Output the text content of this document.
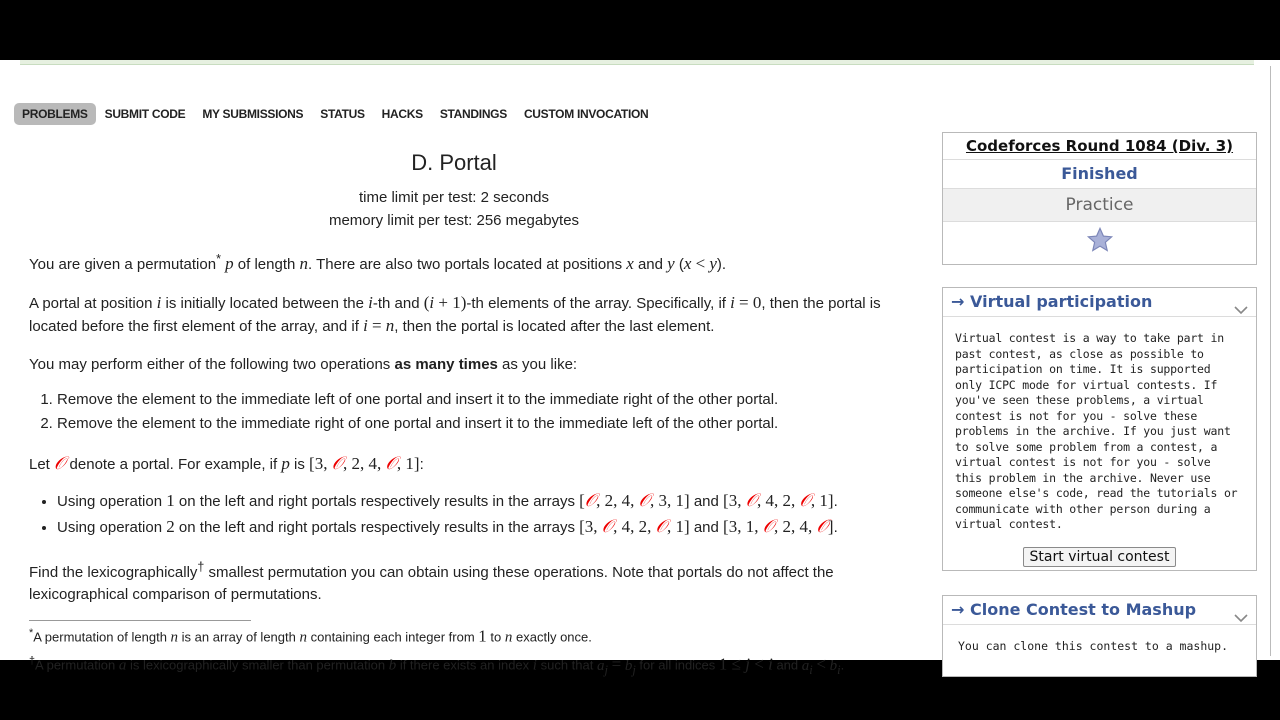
PROBLEMS	SUBMIT CODE	MY SUBMISSIONS	STATUS	HACKS	STANDINGS	CUSTOM INVOCATION
D. Portal
time limit per test: 2 seconds
memory limit per test: 256 megabytes
You are given a permutation* p of length n. There are also two portals located at positions x and y (x < y).
A portal at position i is initially located between the i-th and (i + 1)-th elements of the array. Specifically, if i = 0, then the portal is located before the first element of the array, and if i = n, then the portal is located after the last element.
You may perform either of the following two operations as many times as you like:
1. Remove the element to the immediate left of one portal and insert it to the immediate right of the other portal.
2. Remove the element to the immediate right of one portal and insert it to the immediate left of the other portal.
Let 𝒪 denote a portal. For example, if p is [3, 𝒪, 2, 4, 𝒪, 1]:
• Using operation 1 on the left and right portals respectively results in the arrays [𝒪, 2, 4, 𝒪, 3, 1] and [3, 𝒪, 4, 2, 𝒪, 1].
• Using operation 2 on the left and right portals respectively results in the arrays [3, 𝒪, 4, 2, 𝒪, 1] and [3, 1, 𝒪, 2, 4, 𝒪].
Find the lexicographically† smallest permutation you can obtain using these operations. Note that portals do not affect the lexicographical comparison of permutations.
*A permutation of length n is an array of length n containing each integer from 1 to n exactly once.
†A permutation a is lexicographically smaller than permutation b if there exists an index i such that $a_j = b_j$ for all indices 1 ≤ j < i and $a_i < b_i$.
Codeforces Round 1084 (Div. 3)
Finished
Practice
→ Virtual participation
Virtual contest is a way to take part in past contest, as close as possible to participation on time. It is supported only ICPC mode for virtual contests. If you've seen these problems, a virtual contest is not for you - solve these problems in the archive. If you just want to solve some problem from a contest, a virtual contest is not for you - solve this problem in the archive. Never use someone else's code, read the tutorials or communicate with other person during a virtual contest.
Start virtual contest
→ Clone Contest to Mashup
You can clone this contest to a mashup.
